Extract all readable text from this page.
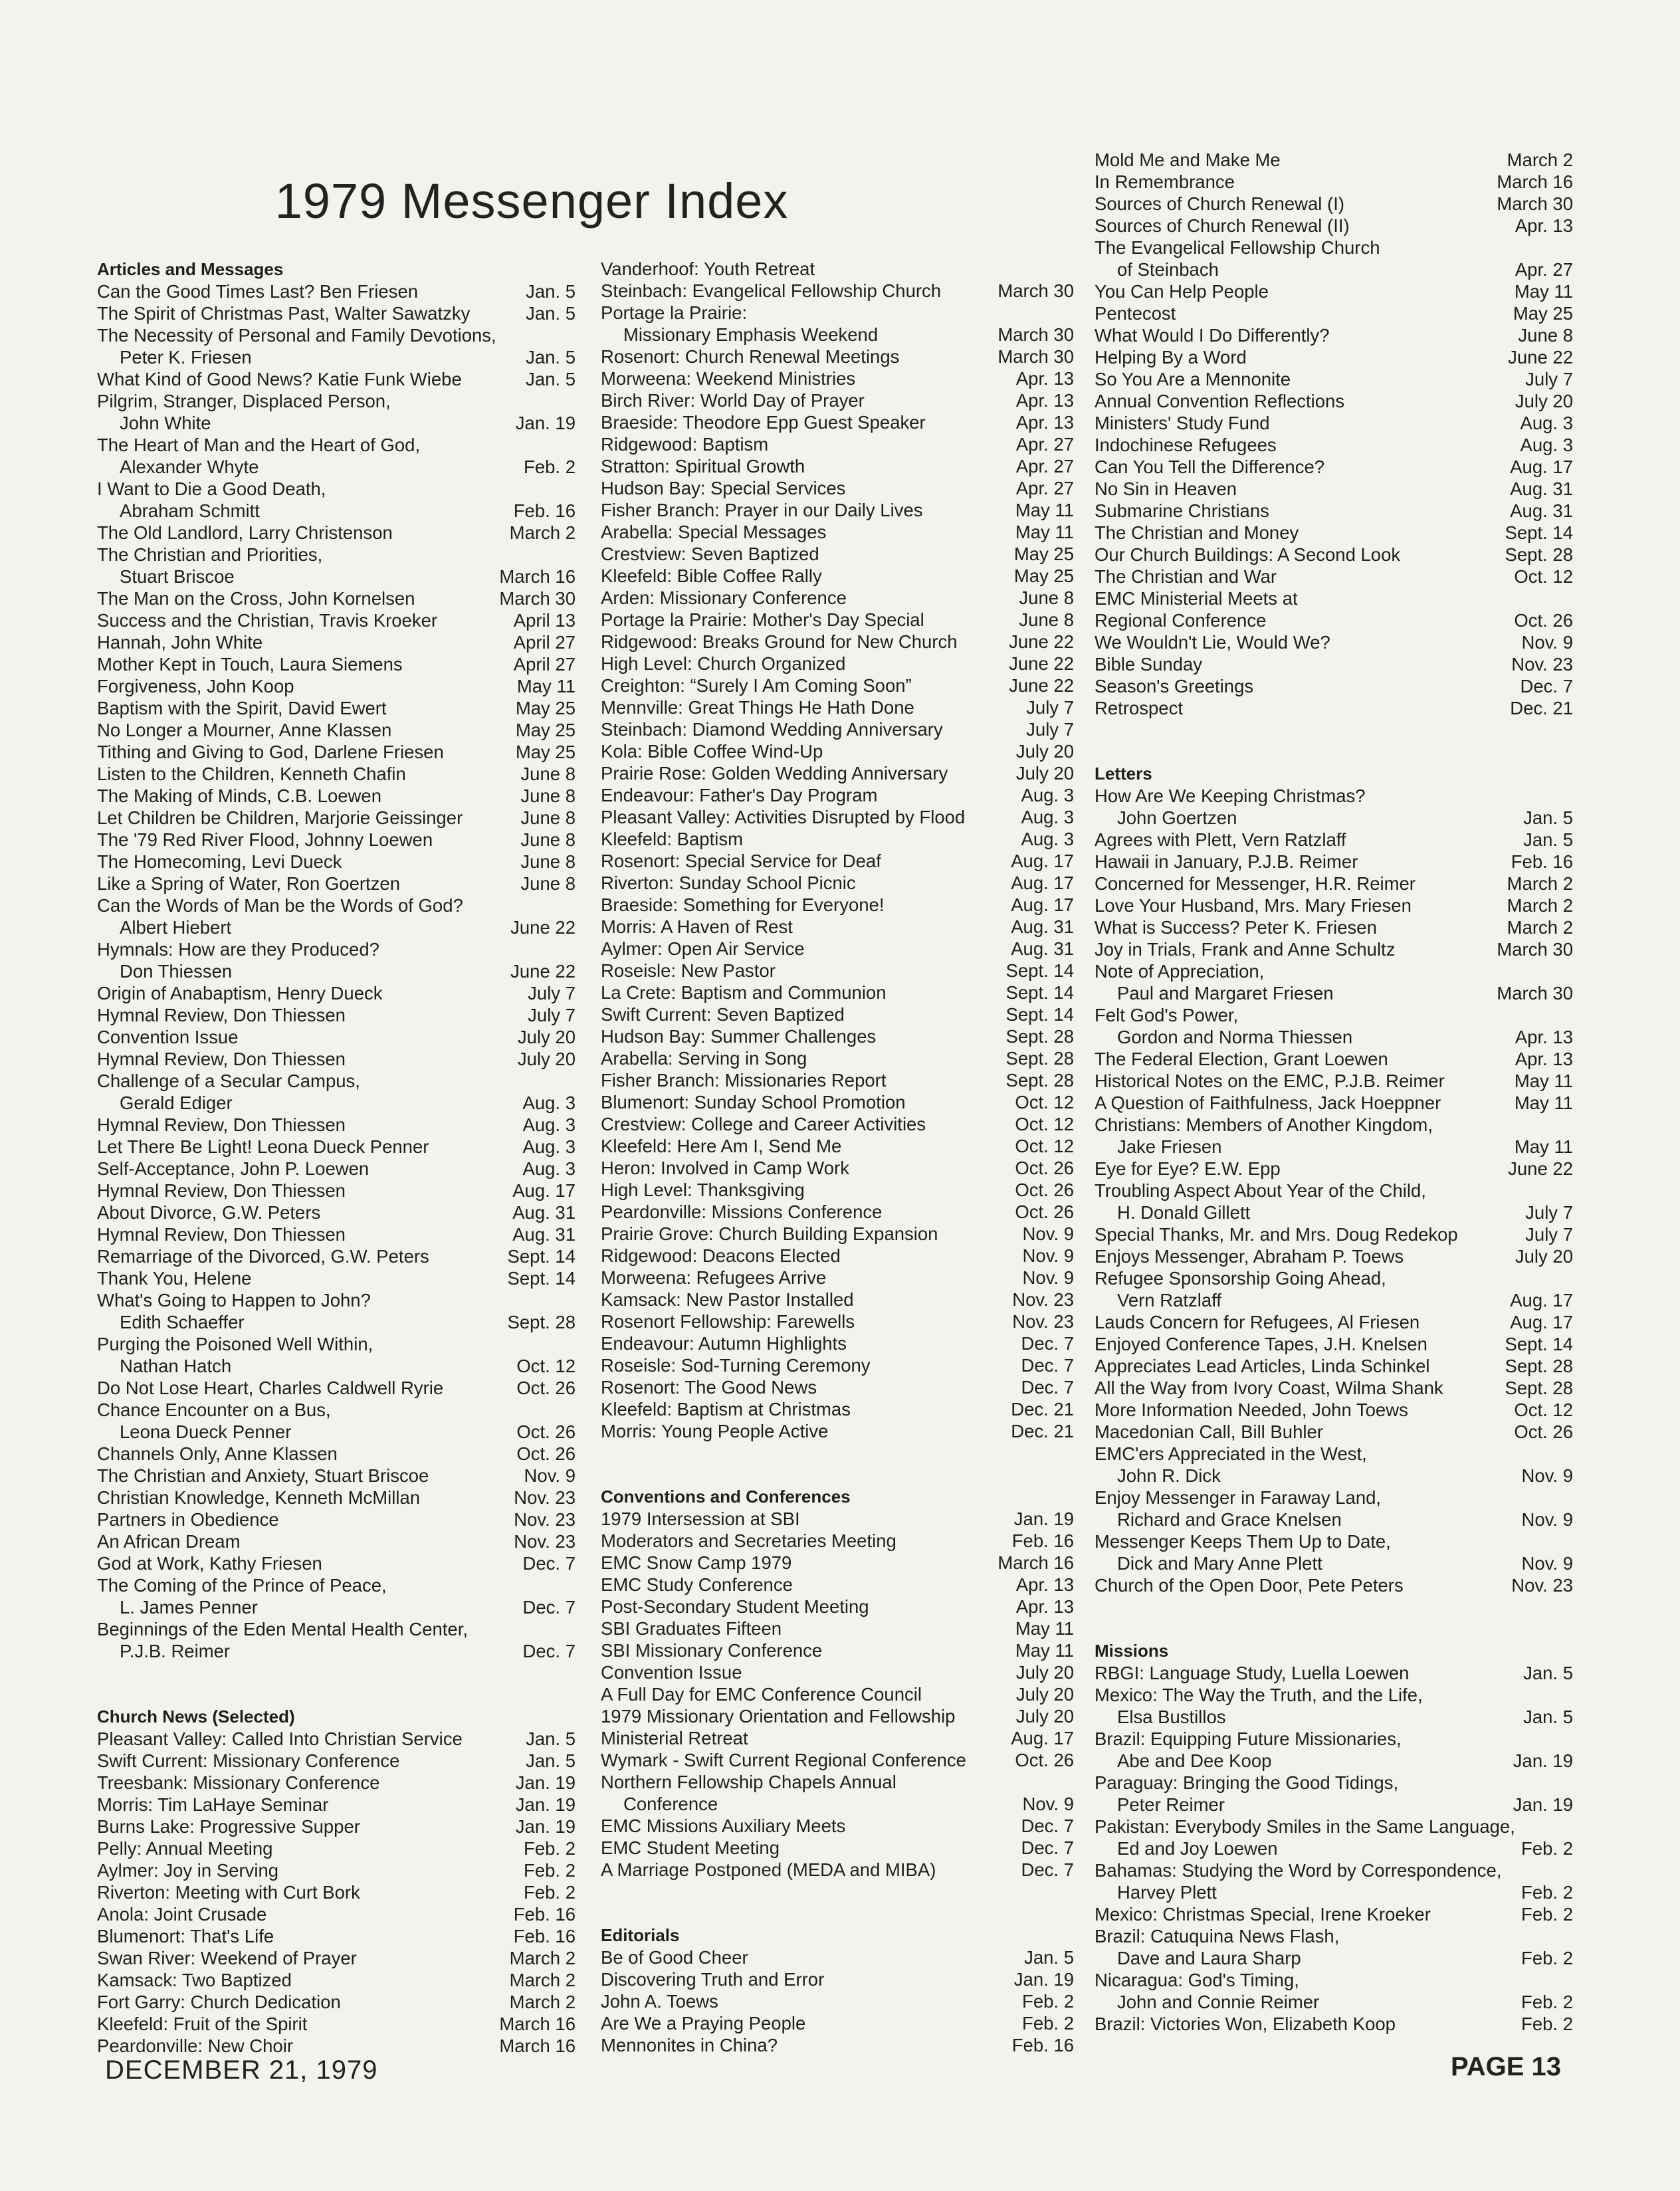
1979 Messenger Index
Articles and Messages
Can the Good Times Last? Ben Friesen	Jan. 5
The Spirit of Christmas Past, Walter Sawatzky	Jan. 5
The Necessity of Personal and Family Devotions,
Peter K. Friesen	Jan. 5
What Kind of Good News? Katie Funk Wiebe	Jan. 5
Pilgrim, Stranger, Displaced Person,
John White	Jan. 19
The Heart of Man and the Heart of God,
Alexander Whyte	Feb. 2
I Want to Die a Good Death,
Abraham Schmitt	Feb. 16
The Old Landlord, Larry Christenson	March 2
The Christian and Priorities,
Stuart Briscoe	March 16
The Man on the Cross, John Kornelsen	March 30
Success and the Christian, Travis Kroeker	April 13
Hannah, John White	April 27
Mother Kept in Touch, Laura Siemens	April 27
Forgiveness, John Koop	May 11
Baptism with the Spirit, David Ewert	May 25
No Longer a Mourner, Anne Klassen	May 25
Tithing and Giving to God, Darlene Friesen	May 25
Listen to the Children, Kenneth Chafin	June 8
The Making of Minds, C.B. Loewen	June 8
Let Children be Children, Marjorie Geissinger	June 8
The '79 Red River Flood, Johnny Loewen	June 8
The Homecoming, Levi Dueck	June 8
Like a Spring of Water, Ron Goertzen	June 8
Can the Words of Man be the Words of God?
Albert Hiebert	June 22
Hymnals: How are they Produced?
Don Thiessen	June 22
Origin of Anabaptism, Henry Dueck	July 7
Hymnal Review, Don Thiessen	July 7
Convention Issue	July 20
Hymnal Review, Don Thiessen	July 20
Challenge of a Secular Campus,
Gerald Ediger	Aug. 3
Hymnal Review, Don Thiessen	Aug. 3
Let There Be Light! Leona Dueck Penner	Aug. 3
Self-Acceptance, John P. Loewen	Aug. 3
Hymnal Review, Don Thiessen	Aug. 17
About Divorce, G.W. Peters	Aug. 31
Hymnal Review, Don Thiessen	Aug. 31
Remarriage of the Divorced, G.W. Peters	Sept. 14
Thank You, Helene	Sept. 14
What's Going to Happen to John?
Edith Schaeffer	Sept. 28
Purging the Poisoned Well Within,
Nathan Hatch	Oct. 12
Do Not Lose Heart, Charles Caldwell Ryrie	Oct. 26
Chance Encounter on a Bus,
Leona Dueck Penner	Oct. 26
Channels Only, Anne Klassen	Oct. 26
The Christian and Anxiety, Stuart Briscoe	Nov. 9
Christian Knowledge, Kenneth McMillan	Nov. 23
Partners in Obedience	Nov. 23
An African Dream	Nov. 23
God at Work, Kathy Friesen	Dec. 7
The Coming of the Prince of Peace,
L. James Penner	Dec. 7
Beginnings of the Eden Mental Health Center,
P.J.B. Reimer	Dec. 7
Church News (Selected)
Pleasant Valley: Called Into Christian Service	Jan. 5
Swift Current: Missionary Conference	Jan. 5
Treesbank: Missionary Conference	Jan. 19
Morris: Tim LaHaye Seminar	Jan. 19
Burns Lake: Progressive Supper	Jan. 19
Pelly: Annual Meeting	Feb. 2
Aylmer: Joy in Serving	Feb. 2
Riverton: Meeting with Curt Bork	Feb. 2
Anola: Joint Crusade	Feb. 16
Blumenort: That's Life	Feb. 16
Swan River: Weekend of Prayer	March 2
Kamsack: Two Baptized	March 2
Fort Garry: Church Dedication	March 2
Kleefeld: Fruit of the Spirit	March 16
Peardonville: New Choir	March 16
Vanderhoof: Youth Retreat
Steinbach: Evangelical Fellowship Church	March 30
Portage la Prairie:
Missionary Emphasis Weekend	March 30
Rosenort: Church Renewal Meetings	March 30
Morweena: Weekend Ministries	Apr. 13
Birch River: World Day of Prayer	Apr. 13
Braeside: Theodore Epp Guest Speaker	Apr. 13
Ridgewood: Baptism	Apr. 27
Stratton: Spiritual Growth	Apr. 27
Hudson Bay: Special Services	Apr. 27
Fisher Branch: Prayer in our Daily Lives	May 11
Arabella: Special Messages	May 11
Crestview: Seven Baptized	May 25
Kleefeld: Bible Coffee Rally	May 25
Arden: Missionary Conference	June 8
Portage la Prairie: Mother's Day Special	June 8
Ridgewood: Breaks Ground for New Church	June 22
High Level: Church Organized	June 22
Creighton: “Surely I Am Coming Soon”	June 22
Mennville: Great Things He Hath Done	July 7
Steinbach: Diamond Wedding Anniversary	July 7
Kola: Bible Coffee Wind-Up	July 20
Prairie Rose: Golden Wedding Anniversary	July 20
Endeavour: Father's Day Program	Aug. 3
Pleasant Valley: Activities Disrupted by Flood	Aug. 3
Kleefeld: Baptism	Aug. 3
Rosenort: Special Service for Deaf	Aug. 17
Riverton: Sunday School Picnic	Aug. 17
Braeside: Something for Everyone!	Aug. 17
Morris: A Haven of Rest	Aug. 31
Aylmer: Open Air Service	Aug. 31
Roseisle: New Pastor	Sept. 14
La Crete: Baptism and Communion	Sept. 14
Swift Current: Seven Baptized	Sept. 14
Hudson Bay: Summer Challenges	Sept. 28
Arabella: Serving in Song	Sept. 28
Fisher Branch: Missionaries Report	Sept. 28
Blumenort: Sunday School Promotion	Oct. 12
Crestview: College and Career Activities	Oct. 12
Kleefeld: Here Am I, Send Me	Oct. 12
Heron: Involved in Camp Work	Oct. 26
High Level: Thanksgiving	Oct. 26
Peardonville: Missions Conference	Oct. 26
Prairie Grove: Church Building Expansion	Nov. 9
Ridgewood: Deacons Elected	Nov. 9
Morweena: Refugees Arrive	Nov. 9
Kamsack: New Pastor Installed	Nov. 23
Rosenort Fellowship: Farewells	Nov. 23
Endeavour: Autumn Highlights	Dec. 7
Roseisle: Sod-Turning Ceremony	Dec. 7
Rosenort: The Good News	Dec. 7
Kleefeld: Baptism at Christmas	Dec. 21
Morris: Young People Active	Dec. 21
Conventions and Conferences
1979 Intersession at SBI	Jan. 19
Moderators and Secretaries Meeting	Feb. 16
EMC Snow Camp 1979	March 16
EMC Study Conference	Apr. 13
Post-Secondary Student Meeting	Apr. 13
SBI Graduates Fifteen	May 11
SBI Missionary Conference	May 11
Convention Issue	July 20
A Full Day for EMC Conference Council	July 20
1979 Missionary Orientation and Fellowship	July 20
Ministerial Retreat	Aug. 17
Wymark - Swift Current Regional Conference	Oct. 26
Northern Fellowship Chapels Annual
Conference	Nov. 9
EMC Missions Auxiliary Meets	Dec. 7
EMC Student Meeting	Dec. 7
A Marriage Postponed (MEDA and MIBA)	Dec. 7
Editorials
Be of Good Cheer	Jan. 5
Discovering Truth and Error	Jan. 19
John A. Toews	Feb. 2
Are We a Praying People	Feb. 2
Mennonites in China?	Feb. 16
Mold Me and Make Me	March 2
In Remembrance	March 16
Sources of Church Renewal (I)	March 30
Sources of Church Renewal (II)	Apr. 13
The Evangelical Fellowship Church
of Steinbach	Apr. 27
You Can Help People	May 11
Pentecost	May 25
What Would I Do Differently?	June 8
Helping By a Word	June 22
So You Are a Mennonite	July 7
Annual Convention Reflections	July 20
Ministers' Study Fund	Aug. 3
Indochinese Refugees	Aug. 3
Can You Tell the Difference?	Aug. 17
No Sin in Heaven	Aug. 31
Submarine Christians	Aug. 31
The Christian and Money	Sept. 14
Our Church Buildings: A Second Look	Sept. 28
The Christian and War	Oct. 12
EMC Ministerial Meets at
Regional Conference	Oct. 26
We Wouldn't Lie, Would We?	Nov. 9
Bible Sunday	Nov. 23
Season's Greetings	Dec. 7
Retrospect	Dec. 21
Letters
How Are We Keeping Christmas?
John Goertzen	Jan. 5
Agrees with Plett, Vern Ratzlaff	Jan. 5
Hawaii in January, P.J.B. Reimer	Feb. 16
Concerned for Messenger, H.R. Reimer	March 2
Love Your Husband, Mrs. Mary Friesen	March 2
What is Success? Peter K. Friesen	March 2
Joy in Trials, Frank and Anne Schultz	March 30
Note of Appreciation,
Paul and Margaret Friesen	March 30
Felt God's Power,
Gordon and Norma Thiessen	Apr. 13
The Federal Election, Grant Loewen	Apr. 13
Historical Notes on the EMC, P.J.B. Reimer	May 11
A Question of Faithfulness, Jack Hoeppner	May 11
Christians: Members of Another Kingdom,
Jake Friesen	May 11
Eye for Eye? E.W. Epp	June 22
Troubling Aspect About Year of the Child,
H. Donald Gillett	July 7
Special Thanks, Mr. and Mrs. Doug Redekop	July 7
Enjoys Messenger, Abraham P. Toews	July 20
Refugee Sponsorship Going Ahead,
Vern Ratzlaff	Aug. 17
Lauds Concern for Refugees, Al Friesen	Aug. 17
Enjoyed Conference Tapes, J.H. Knelsen	Sept. 14
Appreciates Lead Articles, Linda Schinkel	Sept. 28
All the Way from Ivory Coast, Wilma Shank	Sept. 28
More Information Needed, John Toews	Oct. 12
Macedonian Call, Bill Buhler	Oct. 26
EMC'ers Appreciated in the West,
John R. Dick	Nov. 9
Enjoy Messenger in Faraway Land,
Richard and Grace Knelsen	Nov. 9
Messenger Keeps Them Up to Date,
Dick and Mary Anne Plett	Nov. 9
Church of the Open Door, Pete Peters	Nov. 23
Missions
RBGI: Language Study, Luella Loewen	Jan. 5
Mexico: The Way the Truth, and the Life,
Elsa Bustillos	Jan. 5
Brazil: Equipping Future Missionaries,
Abe and Dee Koop	Jan. 19
Paraguay: Bringing the Good Tidings,
Peter Reimer	Jan. 19
Pakistan: Everybody Smiles in the Same Language,
Ed and Joy Loewen	Feb. 2
Bahamas: Studying the Word by Correspondence,
Harvey Plett	Feb. 2
Mexico: Christmas Special, Irene Kroeker	Feb. 2
Brazil: Catuquina News Flash,
Dave and Laura Sharp	Feb. 2
Nicaragua: God's Timing,
John and Connie Reimer	Feb. 2
Brazil: Victories Won, Elizabeth Koop	Feb. 2
DECEMBER 21, 1979	PAGE 13
